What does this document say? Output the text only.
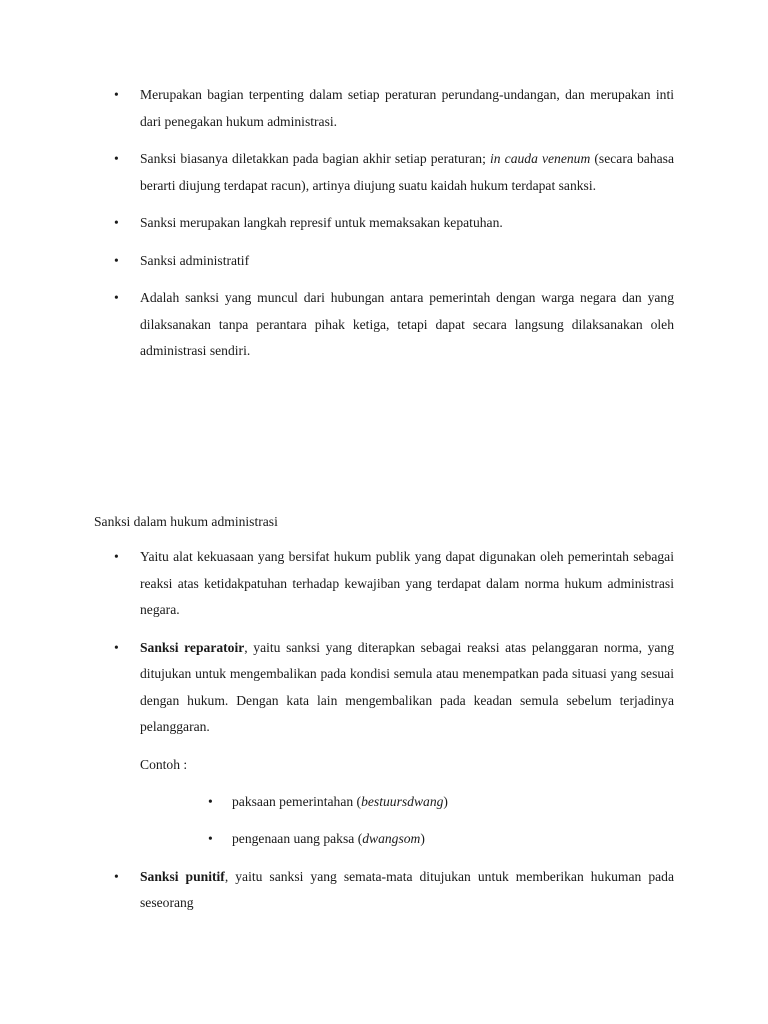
• Merupakan bagian terpenting dalam setiap peraturan perundang-undangan, dan merupakan inti dari penegakan hukum administrasi.
• Sanksi biasanya diletakkan pada bagian akhir setiap peraturan; in cauda venenum (secara bahasa berarti diujung terdapat racun), artinya diujung suatu kaidah hukum terdapat sanksi.
• Sanksi merupakan langkah represif untuk memaksakan kepatuhan.
• Sanksi administratif
• Adalah sanksi yang muncul dari hubungan antara pemerintah dengan warga negara dan yang dilaksanakan tanpa perantara pihak ketiga, tetapi dapat secara langsung dilaksanakan oleh administrasi sendiri.
Sanksi dalam hukum administrasi
• Yaitu alat kekuasaan yang bersifat hukum publik yang dapat digunakan oleh pemerintah sebagai reaksi atas ketidakpatuhan terhadap kewajiban yang terdapat dalam norma hukum administrasi negara.
• Sanksi reparatoir, yaitu sanksi yang diterapkan sebagai reaksi atas pelanggaran norma, yang ditujukan untuk mengembalikan pada kondisi semula atau menempatkan pada situasi yang sesuai dengan hukum. Dengan kata lain mengembalikan pada keadan semula sebelum terjadinya pelanggaran.
Contoh :
• paksaan pemerintahan (bestuursdwang)
• pengenaan uang paksa (dwangsom)
• Sanksi punitif, yaitu sanksi yang semata-mata ditujukan untuk memberikan hukuman pada seseorang
